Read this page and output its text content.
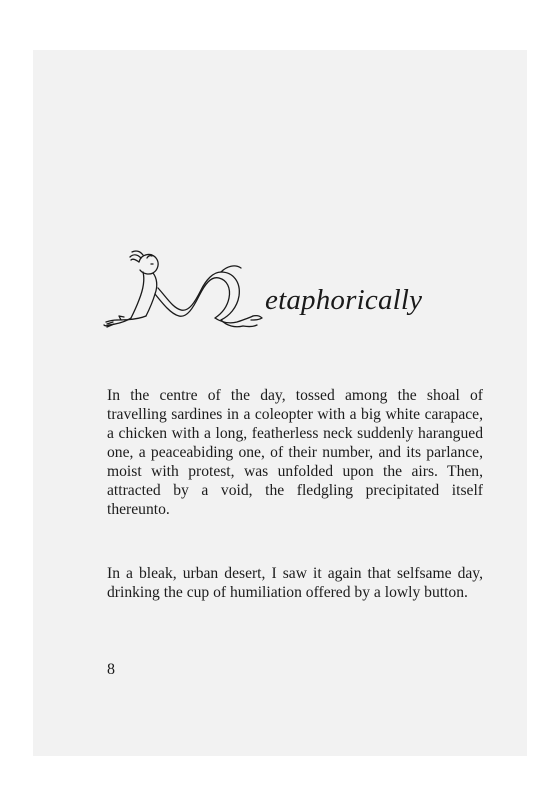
etaphorically

In the centre of the day, tossed among the shoal of travelling sardines in a coleopter with a big white carapace, a chicken with a long, featherless neck suddenly harangued one, a peaceabiding one, of their number, and its parlance, moist with protest, was unfolded upon the airs. Then, attracted by a void, the fledgling precipitated itself thereunto.

In a bleak, urban desert, I saw it again that selfsame day, drinking the cup of humiliation offered by a lowly button.

8
